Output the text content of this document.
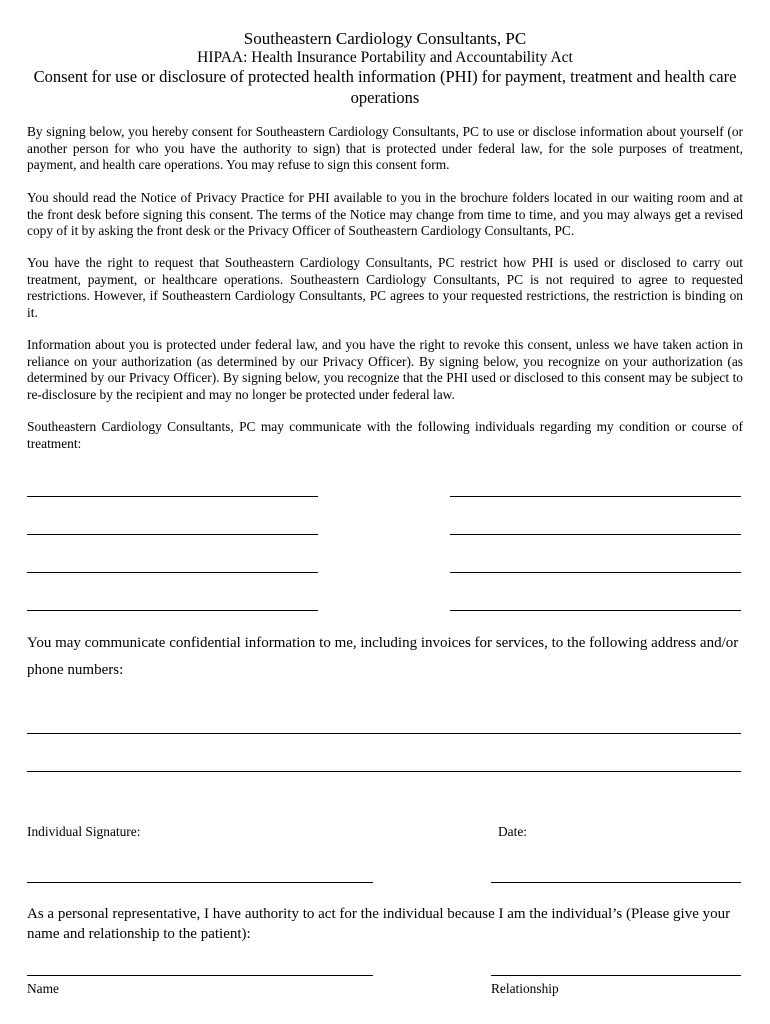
Southeastern Cardiology Consultants, PC
HIPAA: Health Insurance Portability and Accountability Act
Consent for use or disclosure of protected health information (PHI) for payment, treatment and health care operations

By signing below, you hereby consent for Southeastern Cardiology Consultants, PC to use or disclose information about yourself (or another person for who you have the authority to sign) that is protected under federal law, for the sole purposes of treatment, payment, and health care operations. You may refuse to sign this consent form.

You should read the Notice of Privacy Practice for PHI available to you in the brochure folders located in our waiting room and at the front desk before signing this consent. The terms of the Notice may change from time to time, and you may always get a revised copy of it by asking the front desk or the Privacy Officer of Southeastern Cardiology Consultants, PC.

You have the right to request that Southeastern Cardiology Consultants, PC restrict how PHI is used or disclosed to carry out treatment, payment, or healthcare operations. Southeastern Cardiology Consultants, PC is not required to agree to requested restrictions. However, if Southeastern Cardiology Consultants, PC agrees to your requested restrictions, the restriction is binding on it.

Information about you is protected under federal law, and you have the right to revoke this consent, unless we have taken action in reliance on your authorization (as determined by our Privacy Officer). By signing below, you recognize on your authorization (as determined by our Privacy Officer). By signing below, you recognize that the PHI used or disclosed to this consent may be subject to re-disclosure by the recipient and may no longer be protected under federal law.

Southeastern Cardiology Consultants, PC may communicate with the following individuals regarding my condition or course of treatment:

You may communicate confidential information to me, including invoices for services, to the following address and/or phone numbers:

Individual Signature:	Date:

As a personal representative, I have authority to act for the individual because I am the individual’s (Please give your name and relationship to the patient):

Name	Relationship
